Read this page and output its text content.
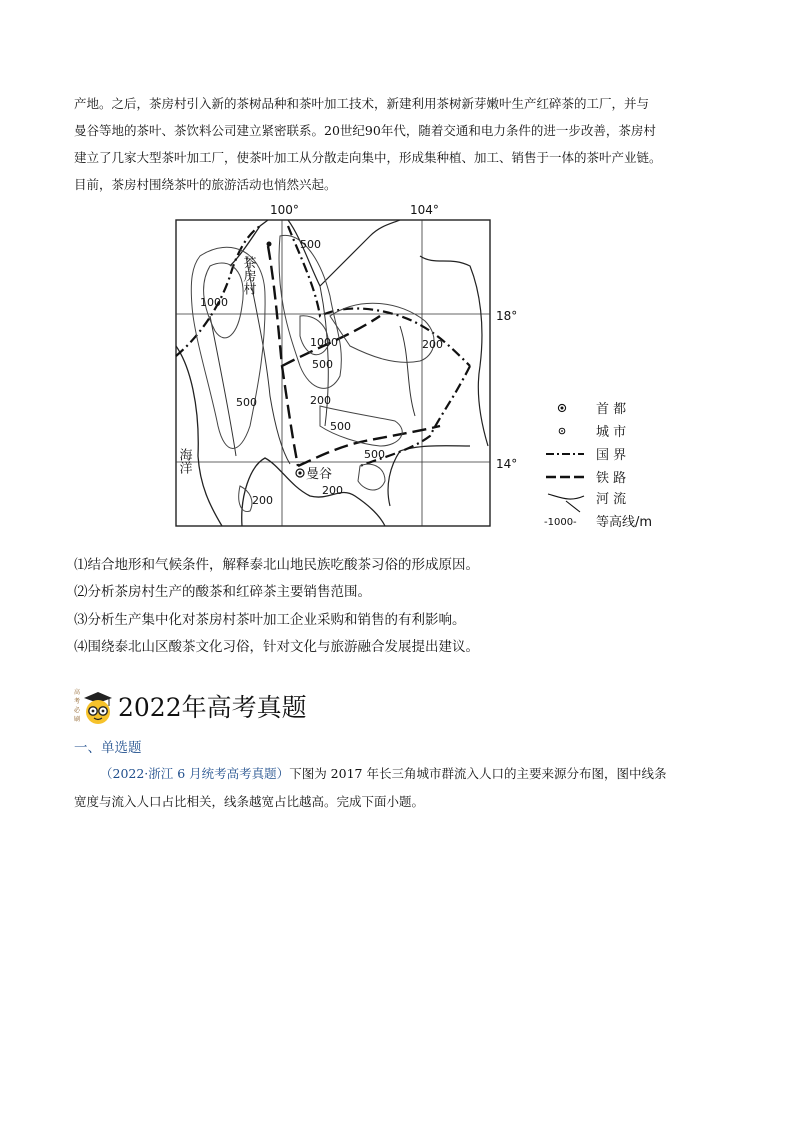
产地。之后，茶房村引入新的茶树品种和茶叶加工技术，新建利用茶树新芽嫩叶生产红碎茶的工厂，并与
曼谷等地的茶叶、茶饮料公司建立紧密联系。20世纪90年代，随着交通和电力条件的进一步改善，茶房村
建立了几家大型茶叶加工厂，使茶叶加工从分散走向集中，形成集种植、加工、销售于一体的茶叶产业链。
目前，茶房村围绕茶叶的旅游活动也悄然兴起。
100°	104°
18°
14°
茶房村
曼谷
海洋
1000
500
1000
500
200
500
200
500
200
500
200
首 都
城 市
国 界
铁 路
河 流
-1000- 等高线/m
⑴结合地形和气候条件，解释泰北山地民族吃酸茶习俗的形成原因。
⑵分析茶房村生产的酸茶和红碎茶主要销售范围。
⑶分析生产集中化对茶房村茶叶加工企业采购和销售的有利影响。
⑷围绕泰北山区酸茶文化习俗，针对文化与旅游融合发展提出建议。
高
考
必
刷 2022年高考真题
一、单选题
（2022·浙江 6 月统考高考真题）下图为 2017 年长三角城市群流入人口的主要来源分布图，图中线条
宽度与流入人口占比相关，线条越宽占比越高。完成下面小题。
